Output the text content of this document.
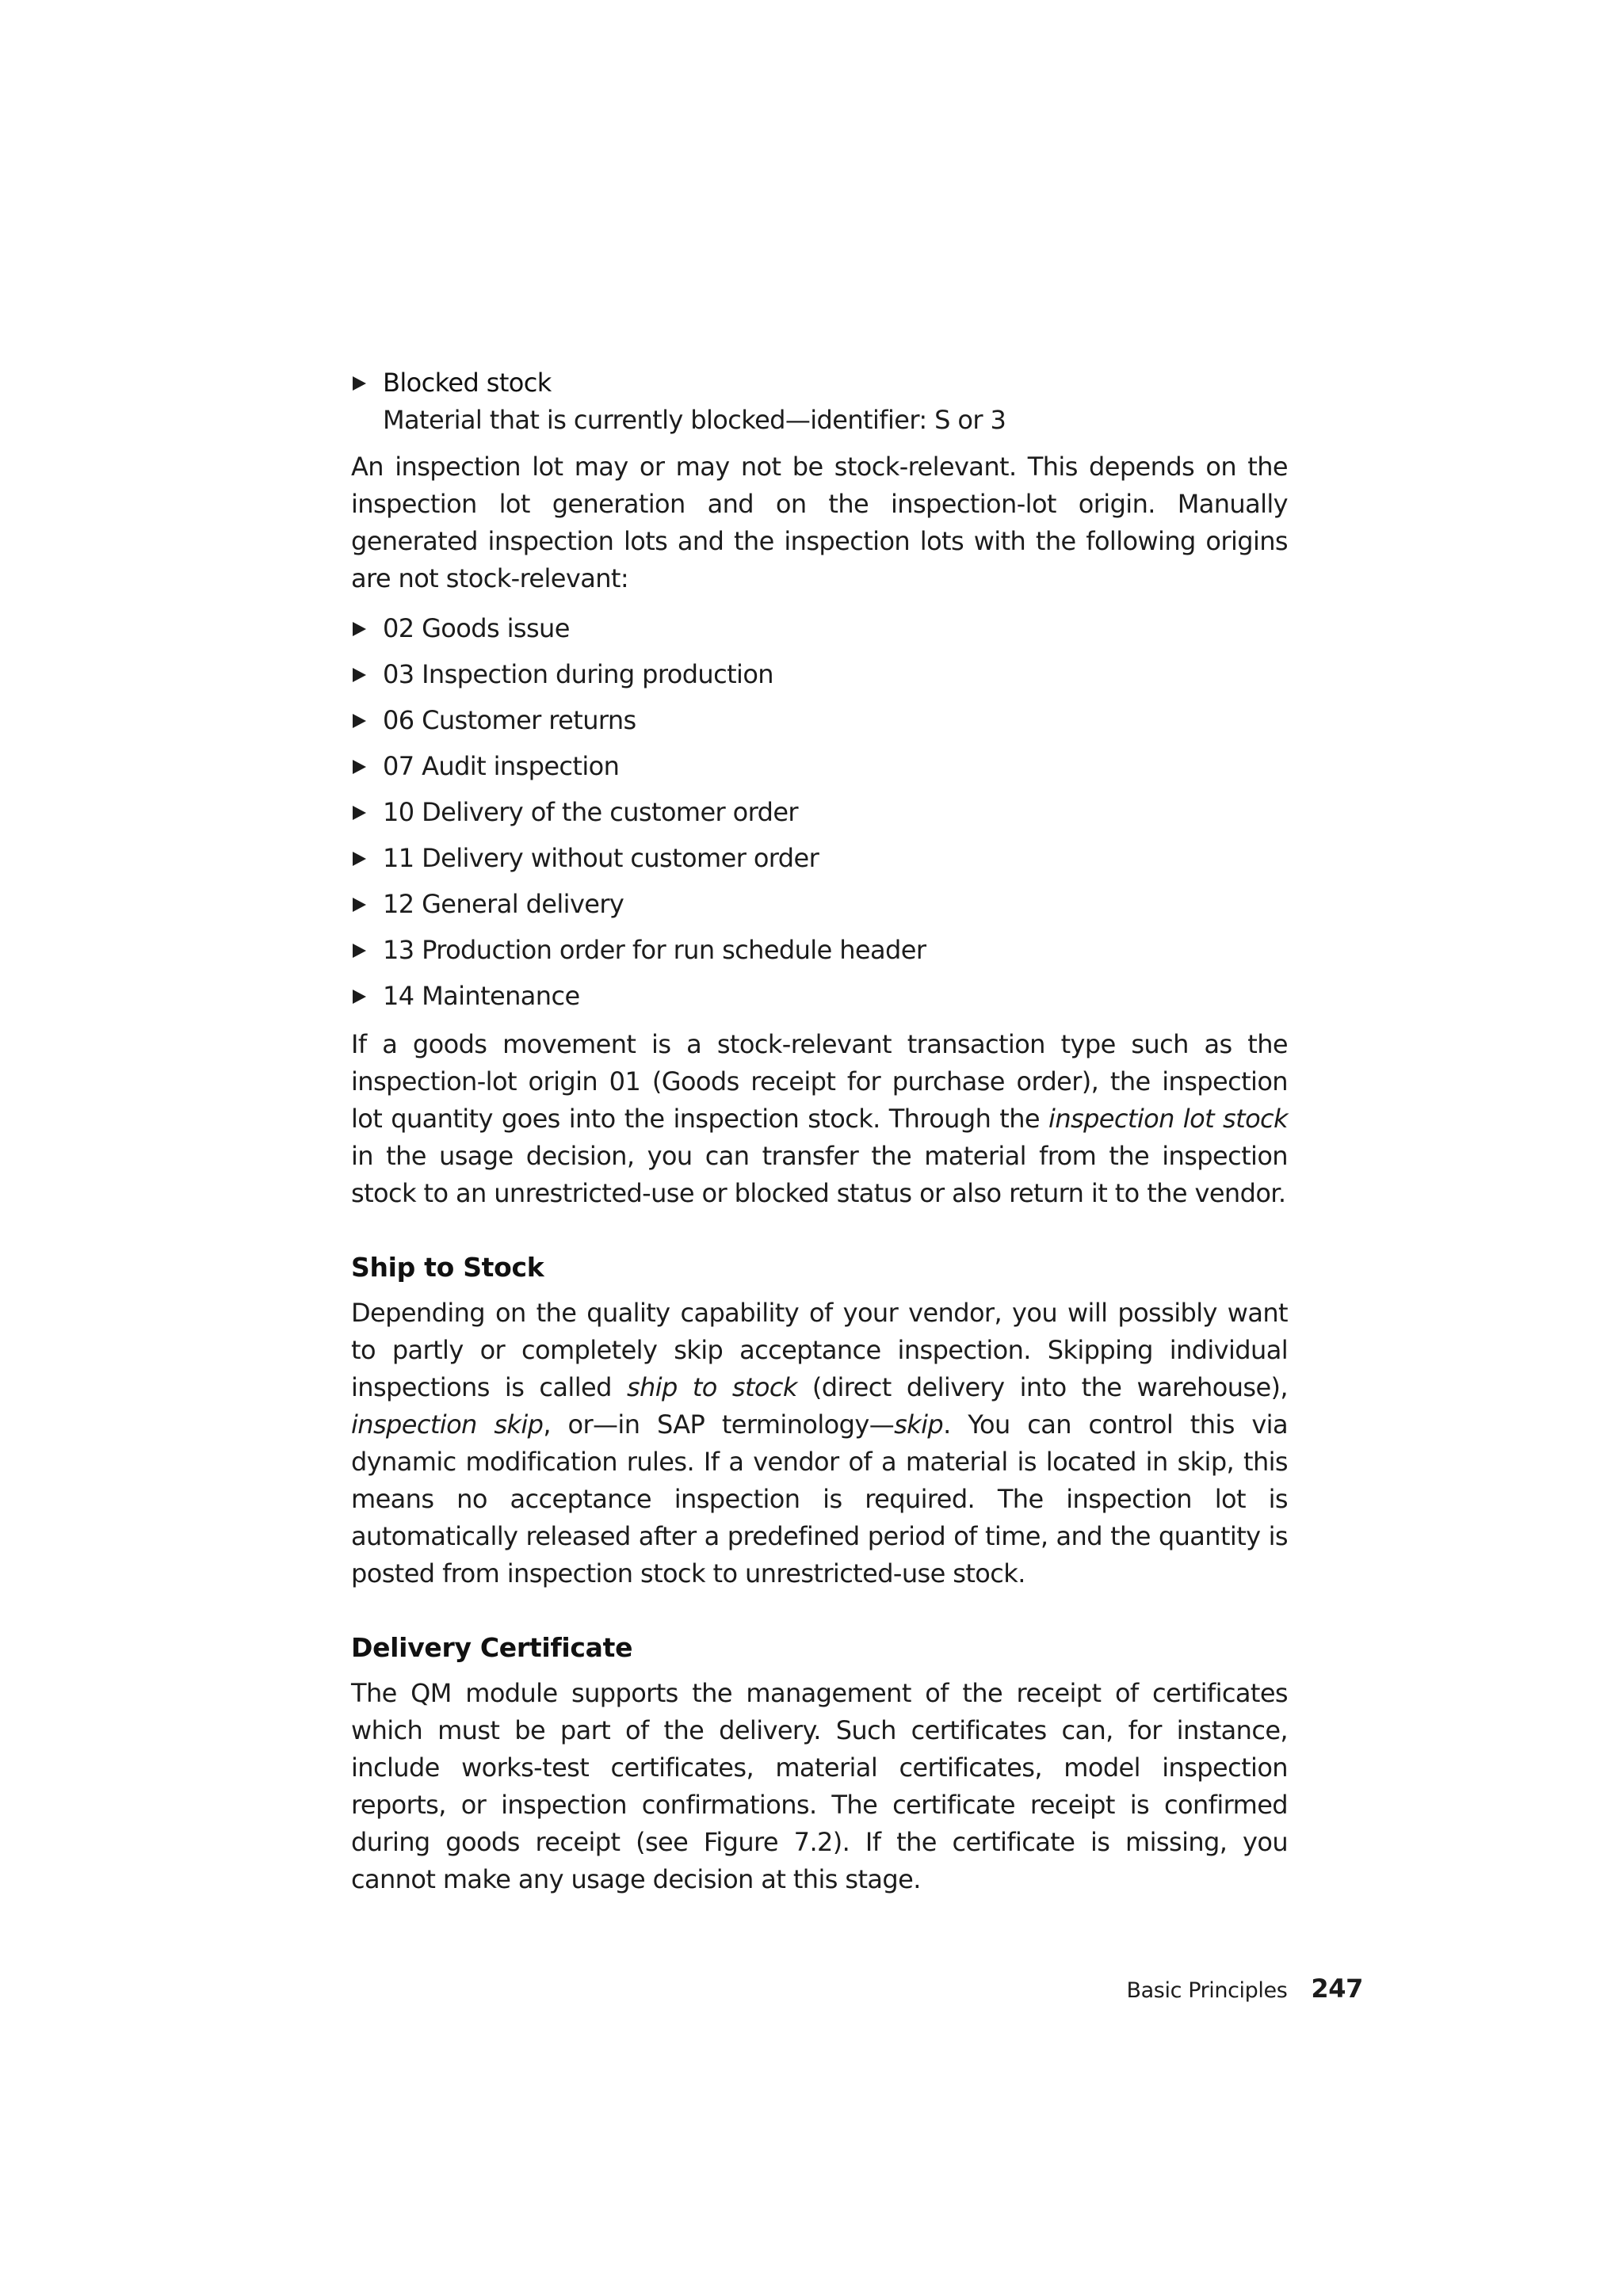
Blocked stock
Material that is currently blocked—identifier: S or 3

An inspection lot may or may not be stock-relevant. This depends on the inspection lot generation and on the inspection-lot origin. Manually generated inspection lots and the inspection lots with the following origins are not stock-relevant:

02 Goods issue
03 Inspection during production
06 Customer returns
07 Audit inspection
10 Delivery of the customer order
11 Delivery without customer order
12 General delivery
13 Production order for run schedule header
14 Maintenance

If a goods movement is a stock-relevant transaction type such as the inspection-lot origin 01 (Goods receipt for purchase order), the inspection lot quantity goes into the inspection stock. Through the inspection lot stock in the usage decision, you can transfer the material from the inspection stock to an unrestricted-use or blocked status or also return it to the vendor.

Ship to Stock

Depending on the quality capability of your vendor, you will possibly want to partly or completely skip acceptance inspection. Skipping individual inspections is called ship to stock (direct delivery into the warehouse), inspection skip, or—in SAP terminology—skip. You can control this via dynamic modification rules. If a vendor of a material is located in skip, this means no acceptance inspection is required. The inspection lot is automatically released after a predefined period of time, and the quantity is posted from inspection stock to unrestricted-use stock.

Delivery Certificate

The QM module supports the management of the receipt of certificates which must be part of the delivery. Such certificates can, for instance, include works-test certificates, material certificates, model inspection reports, or inspection confirmations. The certificate receipt is confirmed during goods receipt (see Figure 7.2). If the certificate is missing, you cannot make any usage decision at this stage.

Basic Principles 247
